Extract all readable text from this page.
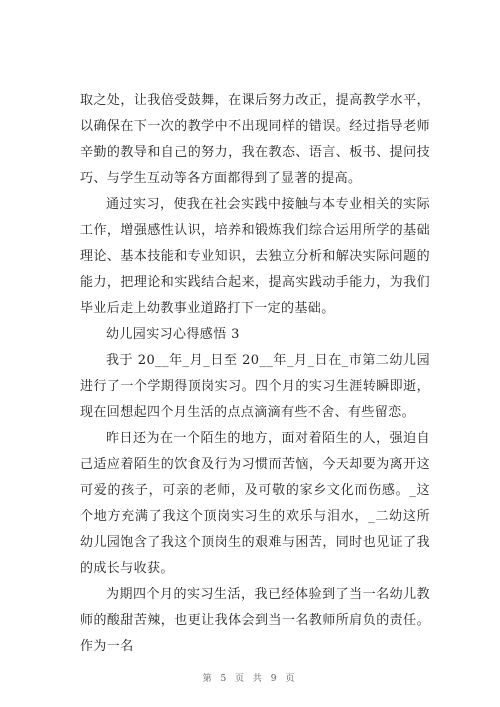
取之处，让我倍受鼓舞，在课后努力改正，提高教学水平，以确保在下一次的教学中不出现同样的错误。经过指导老师辛勤的教导和自己的努力，我在教态、语言、板书、提问技巧、与学生互动等各方面都得到了显著的提高。

通过实习，使我在社会实践中接触与本专业相关的实际工作，增强感性认识，培养和锻炼我们综合运用所学的基础理论、基本技能和专业知识，去独立分析和解决实际问题的能力，把理论和实践结合起来，提高实践动手能力，为我们毕业后走上幼教事业道路打下一定的基础。

幼儿园实习心得感悟 3

我于 20__年_月_日至 20__年_月_日在_市第二幼儿园进行了一个学期得顶岗实习。四个月的实习生涯转瞬即逝，现在回想起四个月生活的点点滴滴有些不舍、有些留恋。

昨日还为在一个陌生的地方，面对着陌生的人，强迫自己适应着陌生的饮食及行为习惯而苦恼，今天却要为离开这可爱的孩子，可亲的老师，及可敬的家乡文化而伤感。_这个地方充满了我这个顶岗实习生的欢乐与泪水，_二幼这所幼儿园饱含了我这个顶岗生的艰难与困苦，同时也见证了我的成长与收获。

为期四个月的实习生活，我已经体验到了当一名幼儿教师的酸甜苦辣，也更让我体会到当一名教师所肩负的责任。作为一名

第 5 页 共 9 页
